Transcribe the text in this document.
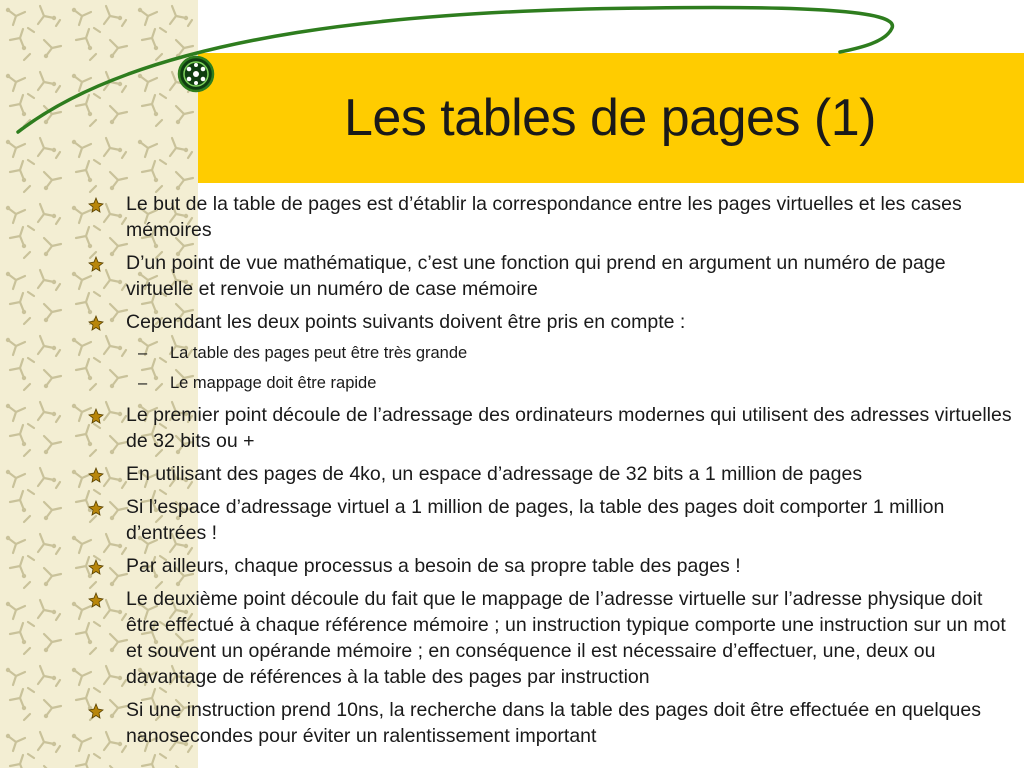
Les tables de pages (1)
Le but de la table de pages est d’établir la correspondance entre les pages virtuelles et les cases mémoires
D’un point de vue mathématique, c’est une fonction qui prend en argument un numéro de page virtuelle et renvoie un numéro de case mémoire
Cependant les deux points suivants doivent être pris en compte :
– La table des pages peut être très grande
– Le mappage doit être rapide
Le premier point découle de l’adressage des ordinateurs modernes qui utilisent des adresses virtuelles de 32 bits ou +
En utilisant des pages de 4ko, un espace d’adressage de 32 bits a 1 million de pages
Si l’espace d’adressage virtuel a 1 million de pages, la table des pages doit comporter 1 million d’entrées !
Par ailleurs, chaque processus a besoin de sa propre table des pages !
Le deuxième point découle du fait que le mappage de l’adresse virtuelle sur l’adresse physique doit être effectué à chaque référence mémoire ; un instruction typique comporte une instruction sur un mot et souvent un opérande mémoire ; en conséquence il est nécessaire d’effectuer, une, deux ou davantage de références à la table des pages par instruction
Si une instruction prend 10ns, la recherche dans la table des pages doit être effectuée en quelques nanosecondes pour éviter un ralentissement important
